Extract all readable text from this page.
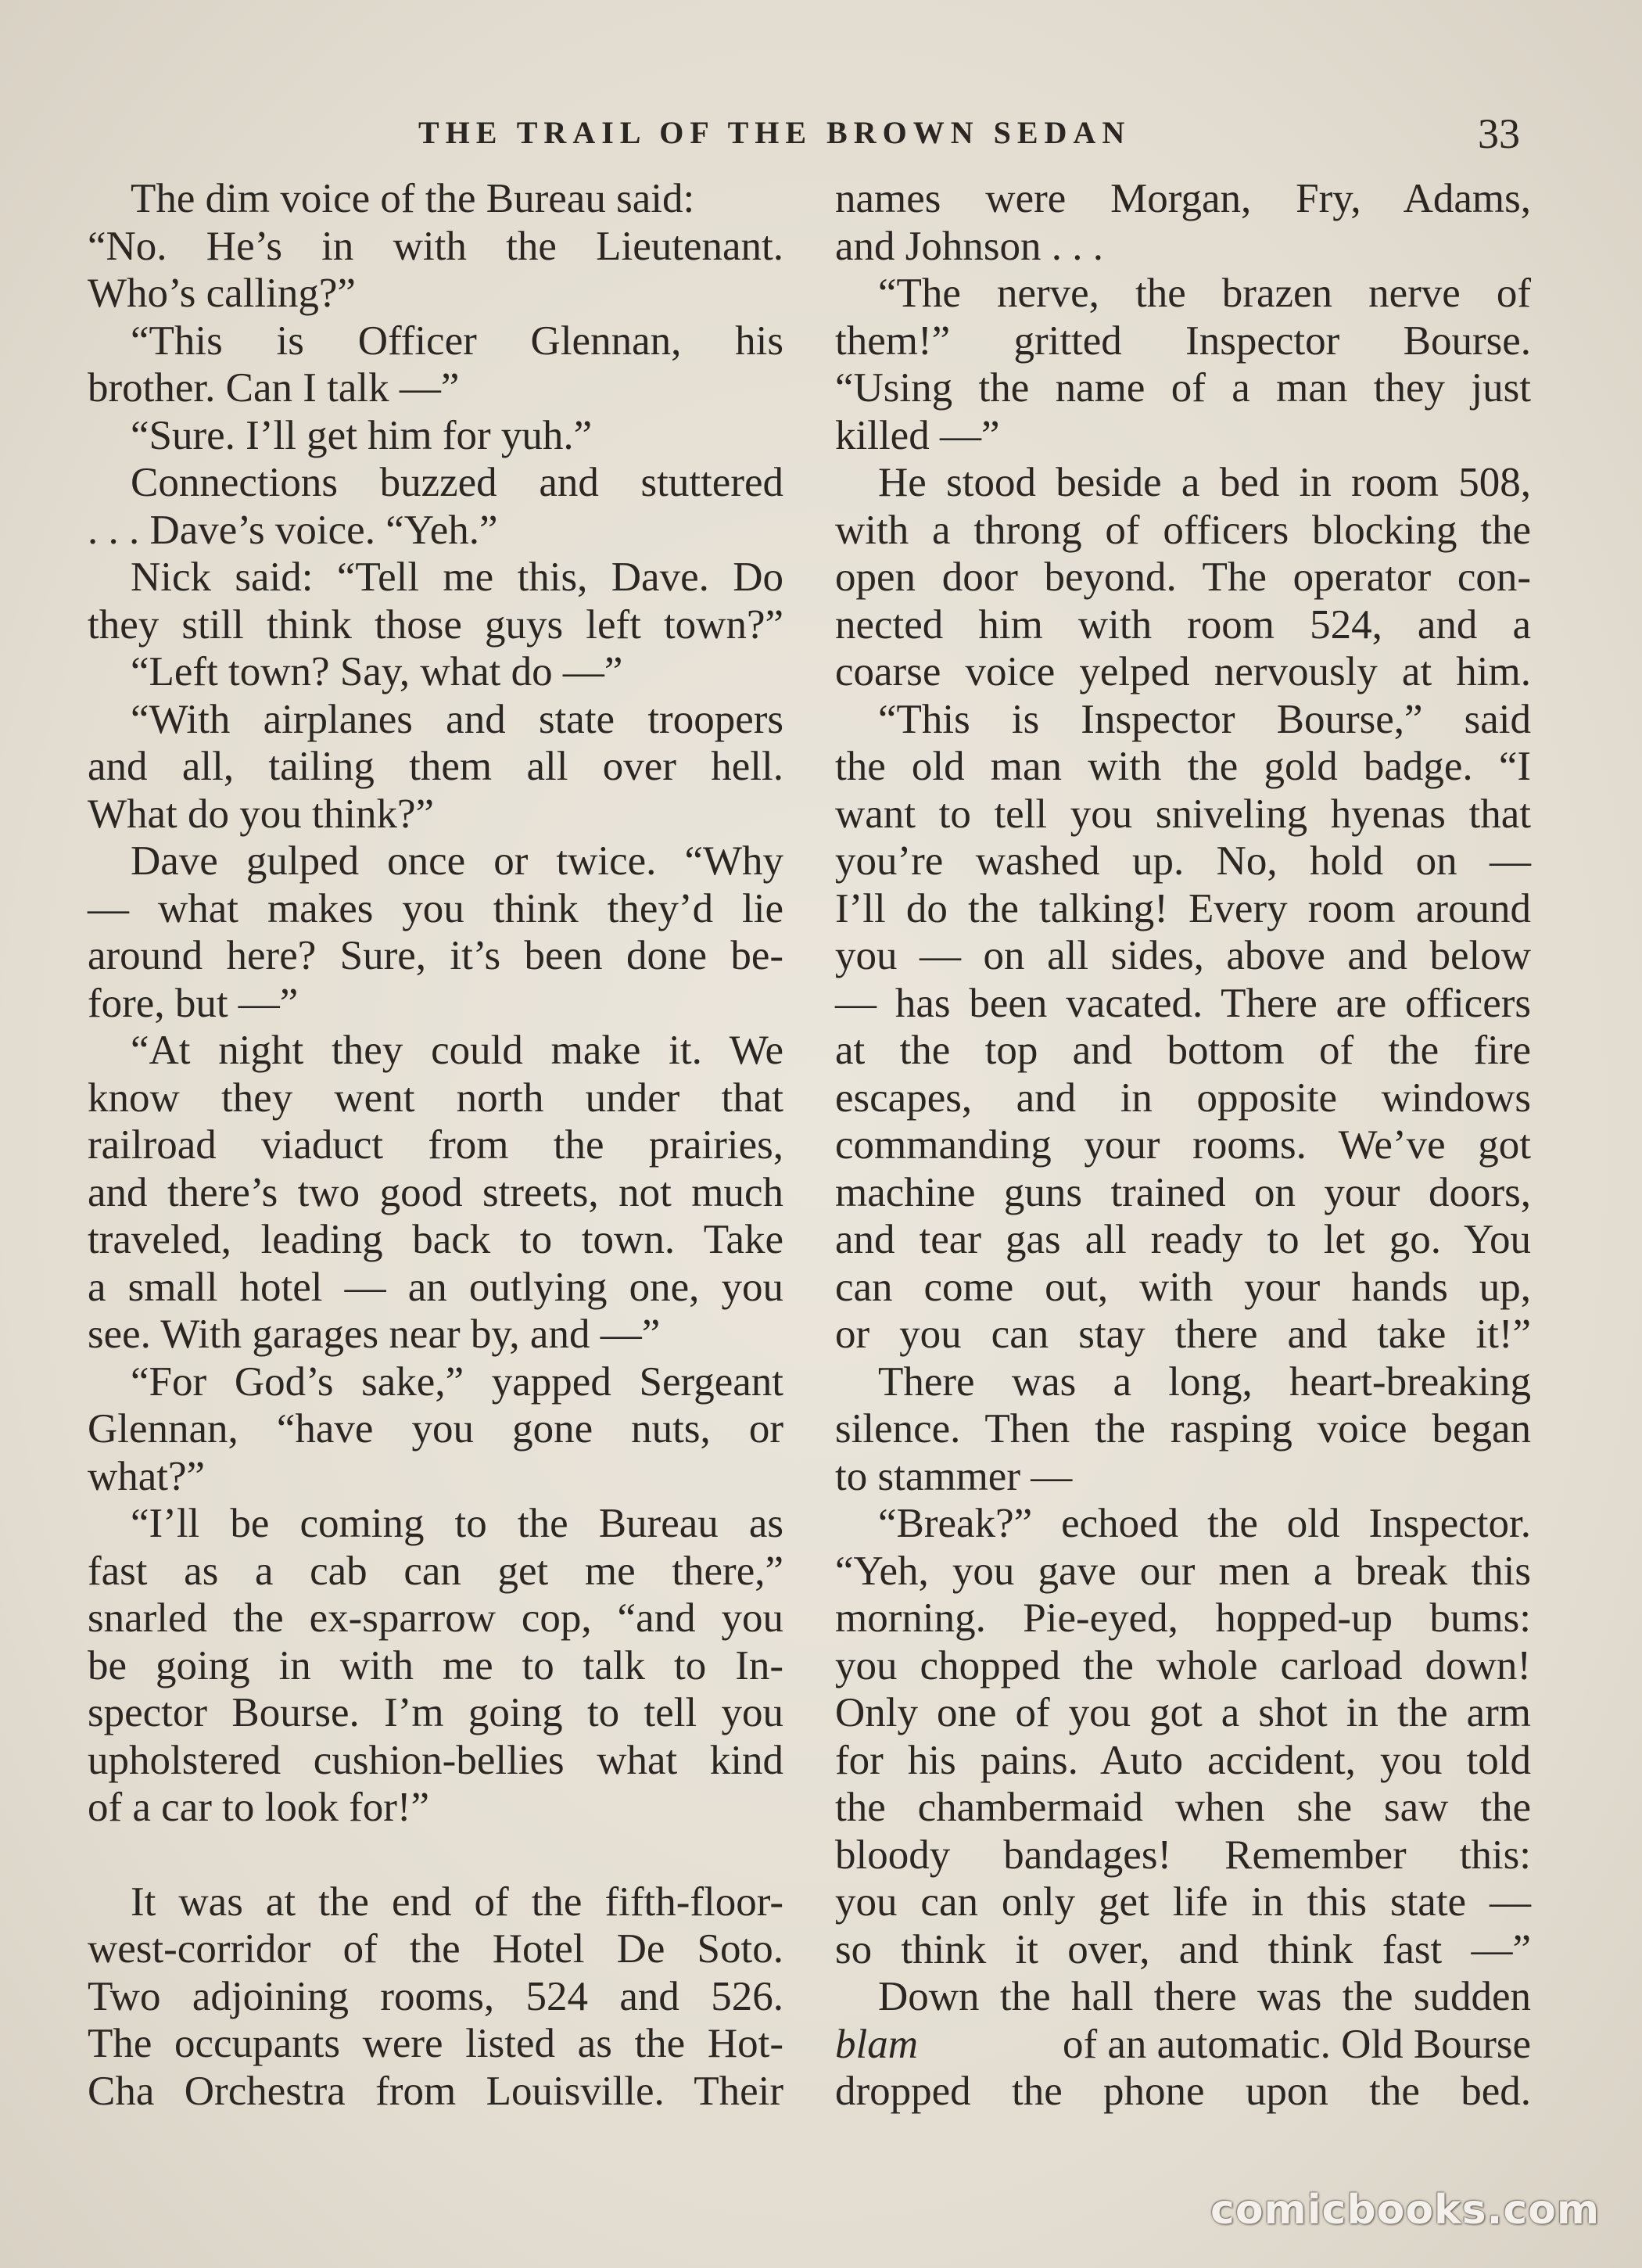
THE TRAIL OF THE BROWN SEDAN	33
The dim voice of the Bureau said:
“No. He’s in with the Lieutenant.
Who’s calling?”
“This is Officer Glennan, his
brother. Can I talk —”
“Sure. I’ll get him for yuh.”
Connections buzzed and stuttered
. . . Dave’s voice. “Yeh.”
Nick said: “Tell me this, Dave. Do
they still think those guys left town?”
“Left town? Say, what do —”
“With airplanes and state troopers
and all, tailing them all over hell.
What do you think?”
Dave gulped once or twice. “Why
— what makes you think they’d lie
around here? Sure, it’s been done be-
fore, but —”
“At night they could make it. We
know they went north under that
railroad viaduct from the prairies,
and there’s two good streets, not much
traveled, leading back to town. Take
a small hotel — an outlying one, you
see. With garages near by, and —”
“For God’s sake,” yapped Sergeant
Glennan, “have you gone nuts, or
what?”
“I’ll be coming to the Bureau as
fast as a cab can get me there,”
snarled the ex-sparrow cop, “and you
be going in with me to talk to In-
spector Bourse. I’m going to tell you
upholstered cushion-bellies what kind
of a car to look for!”
It was at the end of the fifth-floor-
west-corridor of the Hotel De Soto.
Two adjoining rooms, 524 and 526.
The occupants were listed as the Hot-
Cha Orchestra from Louisville. Their
names were Morgan, Fry, Adams,
and Johnson . . .
“The nerve, the brazen nerve of
them!” gritted Inspector Bourse.
“Using the name of a man they just
killed —”
He stood beside a bed in room 508,
with a throng of officers blocking the
open door beyond. The operator con-
nected him with room 524, and a
coarse voice yelped nervously at him.
“This is Inspector Bourse,” said
the old man with the gold badge. “I
want to tell you sniveling hyenas that
you’re washed up. No, hold on —
I’ll do the talking! Every room around
you — on all sides, above and below
— has been vacated. There are officers
at the top and bottom of the fire
escapes, and in opposite windows
commanding your rooms. We’ve got
machine guns trained on your doors,
and tear gas all ready to let go. You
can come out, with your hands up,
or you can stay there and take it!”
There was a long, heart-breaking
silence. Then the rasping voice began
to stammer —
“Break?” echoed the old Inspector.
“Yeh, you gave our men a break this
morning. Pie-eyed, hopped-up bums:
you chopped the whole carload down!
Only one of you got a shot in the arm
for his pains. Auto accident, you told
the chambermaid when she saw the
bloody bandages! Remember this:
you can only get life in this state —
so think it over, and think fast —”
Down the hall there was the sudden
blam	of an automatic. Old Bourse
dropped the phone upon the bed.
comicbooks.com
